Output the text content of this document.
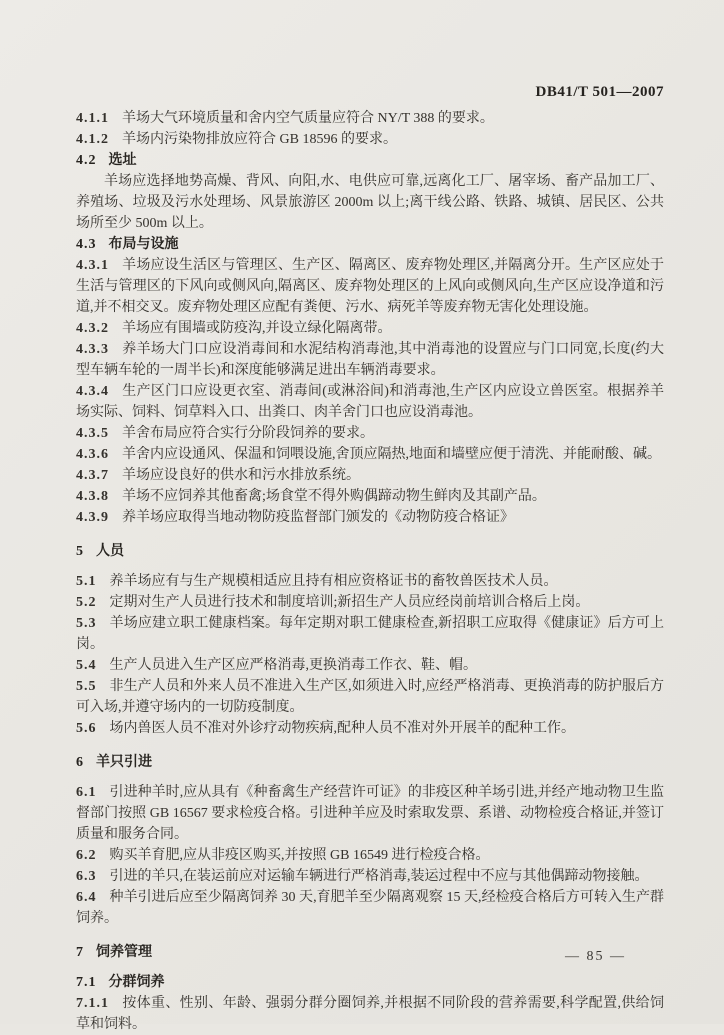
DB41/T 501—2007

4.1.1 羊场大气环境质量和舍内空气质量应符合 NY/T 388 的要求。

4.1.2 羊场内污染物排放应符合 GB 18596 的要求。

4.2 选址

羊场应选择地势高燥、背风、向阳,水、电供应可靠,远离化工厂、屠宰场、畜产品加工厂、养殖场、垃圾及污水处理场、风景旅游区 2000m 以上;离干线公路、铁路、城镇、居民区、公共场所至少 500m 以上。

4.3 布局与设施

4.3.1 羊场应设生活区与管理区、生产区、隔离区、废弃物处理区,并隔离分开。生产区应处于生活与管理区的下风向或侧风向,隔离区、废弃物处理区的上风向或侧风向,生产区应设净道和污道,并不相交叉。废弃物处理区应配有粪便、污水、病死羊等废弃物无害化处理设施。

4.3.2 羊场应有围墙或防疫沟,并设立绿化隔离带。

4.3.3 养羊场大门口应设消毒间和水泥结构消毒池,其中消毒池的设置应与门口同宽,长度(约大型车辆车轮的一周半长)和深度能够满足进出车辆消毒要求。

4.3.4 生产区门口应设更衣室、消毒间(或淋浴间)和消毒池,生产区内应设立兽医室。根据养羊场实际、饲料、饲草料入口、出粪口、肉羊舍门口也应设消毒池。

4.3.5 羊舍布局应符合实行分阶段饲养的要求。

4.3.6 羊舍内应设通风、保温和饲喂设施,舍顶应隔热,地面和墙壁应便于清洗、并能耐酸、碱。

4.3.7 羊场应设良好的供水和污水排放系统。

4.3.8 羊场不应饲养其他畜禽;场食堂不得外购偶蹄动物生鲜肉及其副产品。

4.3.9 养羊场应取得当地动物防疫监督部门颁发的《动物防疫合格证》

5 人员

5.1 养羊场应有与生产规模相适应且持有相应资格证书的畜牧兽医技术人员。

5.2 定期对生产人员进行技术和制度培训;新招生产人员应经岗前培训合格后上岗。

5.3 羊场应建立职工健康档案。每年定期对职工健康检查,新招职工应取得《健康证》后方可上岗。

5.4 生产人员进入生产区应严格消毒,更换消毒工作衣、鞋、帽。

5.5 非生产人员和外来人员不准进入生产区,如须进入时,应经严格消毒、更换消毒的防护服后方可入场,并遵守场内的一切防疫制度。

5.6 场内兽医人员不准对外诊疗动物疾病,配种人员不准对外开展羊的配种工作。

6 羊只引进

6.1 引进种羊时,应从具有《种畜禽生产经营许可证》的非疫区种羊场引进,并经产地动物卫生监督部门按照 GB 16567 要求检疫合格。引进种羊应及时索取发票、系谱、动物检疫合格证,并签订质量和服务合同。

6.2 购买羊育肥,应从非疫区购买,并按照 GB 16549 进行检疫合格。

6.3 引进的羊只,在装运前应对运输车辆进行严格消毒,装运过程中不应与其他偶蹄动物接触。

6.4 种羊引进后应至少隔离饲养 30 天,育肥羊至少隔离观察 15 天,经检疫合格后方可转入生产群饲养。

7 饲养管理

7.1 分群饲养

7.1.1 按体重、性别、年龄、强弱分群分圈饲养,并根据不同阶段的营养需要,科学配置,供给饲草和饲料。

— 85 —
